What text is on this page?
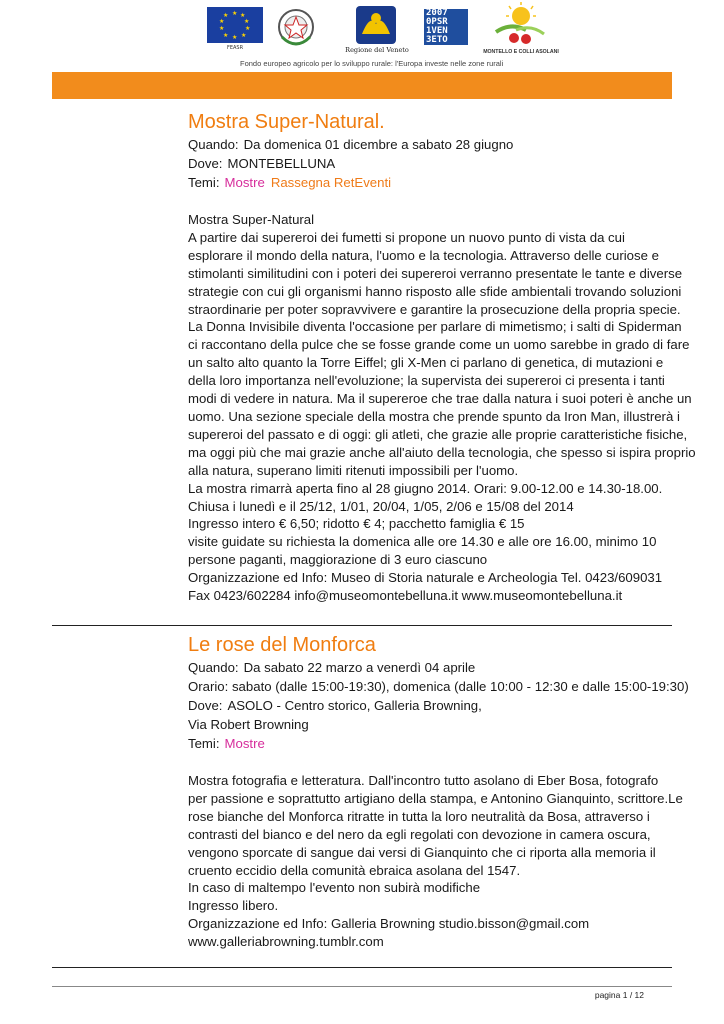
★ ★
★
★
★
★
★
★
★
★
FEASR	Regione del Veneto
2007
0PSR
1VEN
3ETO
MONTELLO E COLLI ASOLANI
Fondo europeo agricolo per lo sviluppo rurale: l'Europa investe nelle zone rurali
Mostra Super-Natural.
Quando: Da domenica 01 dicembre a sabato 28 giugno
Dove: MONTEBELLUNA
Temi: Mostre Rassegna RetEventi
Mostra Super-Natural
A partire dai supereroi dei fumetti si propone un nuovo punto di vista da cui
esplorare il mondo della natura, l'uomo e la tecnologia. Attraverso delle curiose e
stimolanti similitudini con i poteri dei supereroi verranno presentate le tante e diverse
strategie con cui gli organismi hanno risposto alle sfide ambientali trovando soluzioni
straordinarie per poter sopravvivere e garantire la prosecuzione della propria specie.
La Donna Invisibile diventa l'occasione per parlare di mimetismo; i salti di Spiderman
ci raccontano della pulce che se fosse grande come un uomo sarebbe in grado di fare
un salto alto quanto la Torre Eiffel; gli X-Men ci parlano di genetica, di mutazioni e
della loro importanza nell'evoluzione; la supervista dei supereroi ci presenta i tanti
modi di vedere in natura. Ma il supereroe che trae dalla natura i suoi poteri è anche un
uomo. Una sezione speciale della mostra che prende spunto da Iron Man, illustrerà i
supereroi del passato e di oggi: gli atleti, che grazie alle proprie caratteristiche fisiche,
ma oggi più che mai grazie anche all'aiuto della tecnologia, che spesso si ispira proprio
alla natura, superano limiti ritenuti impossibili per l'uomo.
La mostra rimarrà aperta fino al 28 giugno 2014. Orari: 9.00-12.00 e 14.30-18.00.
Chiusa i lunedì e il 25/12, 1/01, 20/04, 1/05, 2/06 e 15/08 del 2014
Ingresso intero € 6,50; ridotto € 4; pacchetto famiglia € 15
visite guidate su richiesta la domenica alle ore 14.30 e alle ore 16.00, minimo 10
persone paganti, maggiorazione di 3 euro ciascuno
Organizzazione ed Info: Museo di Storia naturale e Archeologia Tel. 0423/609031
Fax 0423/602284 info@museomontebelluna.it www.museomontebelluna.it
Le rose del Monforca
Quando: Da sabato 22 marzo a venerdì 04 aprile
Orario: sabato (dalle 15:00-19:30), domenica (dalle 10:00 - 12:30 e dalle 15:00-19:30)
Dove: ASOLO - Centro storico, Galleria Browning,
Via Robert Browning
Temi: Mostre
Mostra fotografia e letteratura. Dall'incontro tutto asolano di Eber Bosa, fotografo
per passione e soprattutto artigiano della stampa, e Antonino Gianquinto, scrittore.Le
rose bianche del Monforca ritratte in tutta la loro neutralità da Bosa, attraverso i
contrasti del bianco e del nero da egli regolati con devozione in camera oscura,
vengono sporcate di sangue dai versi di Gianquinto che ci riporta alla memoria il
cruento eccidio della comunità ebraica asolana del 1547.
In caso di maltempo l'evento non subirà modifiche
Ingresso libero.
Organizzazione ed Info: Galleria Browning studio.bisson@gmail.com
www.galleriabrowning.tumblr.com
pagina 1 / 12
